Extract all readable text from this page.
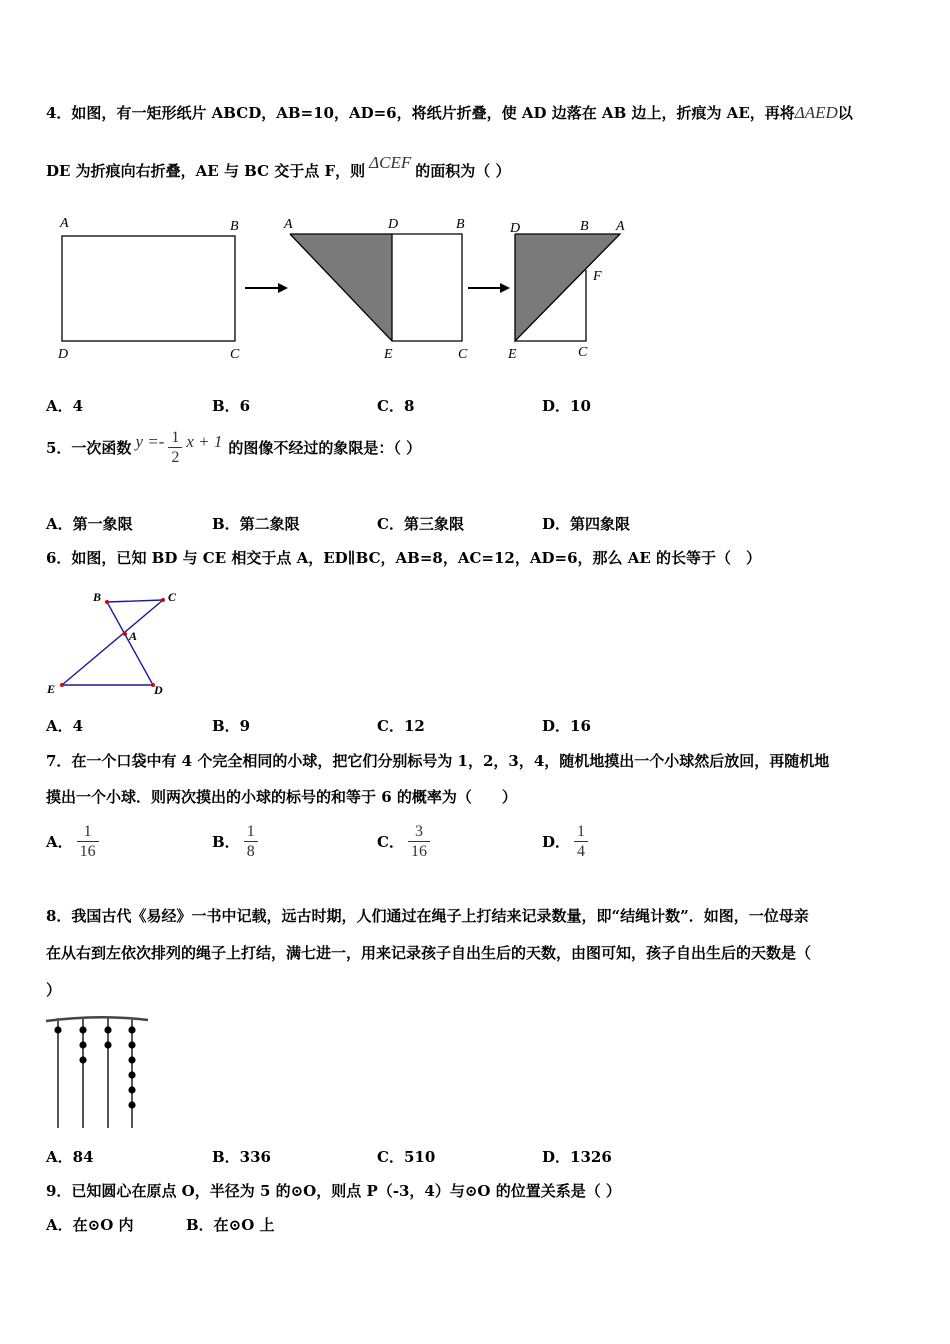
4．如图，有一矩形纸片 ABCD，AB=10，AD=6，将纸片折叠，使 AD 边落在 AB 边上，折痕为 AE，再将ΔAED以
DE 为折痕向右折叠，AE 与 BC 交于点 F，则 ΔCEF 的面积为（ ）
A	B
D	C
A	D	B
E	C
D	B A
F
E	C
A．4	B．6	C．8	D．10
5．一次函数 $y =- \frac{1}{2}$ x + 1 的图像不经过的象限是：（ ）
A．第一象限	B．第二象限	C．第三象限	D．第四象限
6．如图，已知 BD 与 CE 相交于点 A，ED∥BC，AB=8，AC=12，AD=6，那么 AE 的长等于（　）
B	C
A
E	D
A．4	B．9	C．12	D．16
7．在一个口袋中有 4 个完全相同的小球，把它们分别标号为 1，2，3，4，随机地摸出一个小球然后放回，再随机地
摸出一个小球．则两次摸出的小球的标号的和等于 6 的概率为（　　）
A． $\frac{1}{16}$	B． $\frac{1}{8}$	C． $\frac{3}{16}$	D． $\frac{1}{4}$
8．我国古代《易经》一书中记载，远古时期，人们通过在绳子上打结来记录数量，即“结绳计数”．如图，一位母亲
在从右到左依次排列的绳子上打结，满七进一，用来记录孩子自出生后的天数，由图可知，孩子自出生后的天数是（
）
A．84	B．336	C．510	D．1326
9．已知圆心在原点 O，半径为 5 的⊙O，则点 P（-3，4）与⊙O 的位置关系是（ ）
A．在⊙O 内	B．在⊙O 上
